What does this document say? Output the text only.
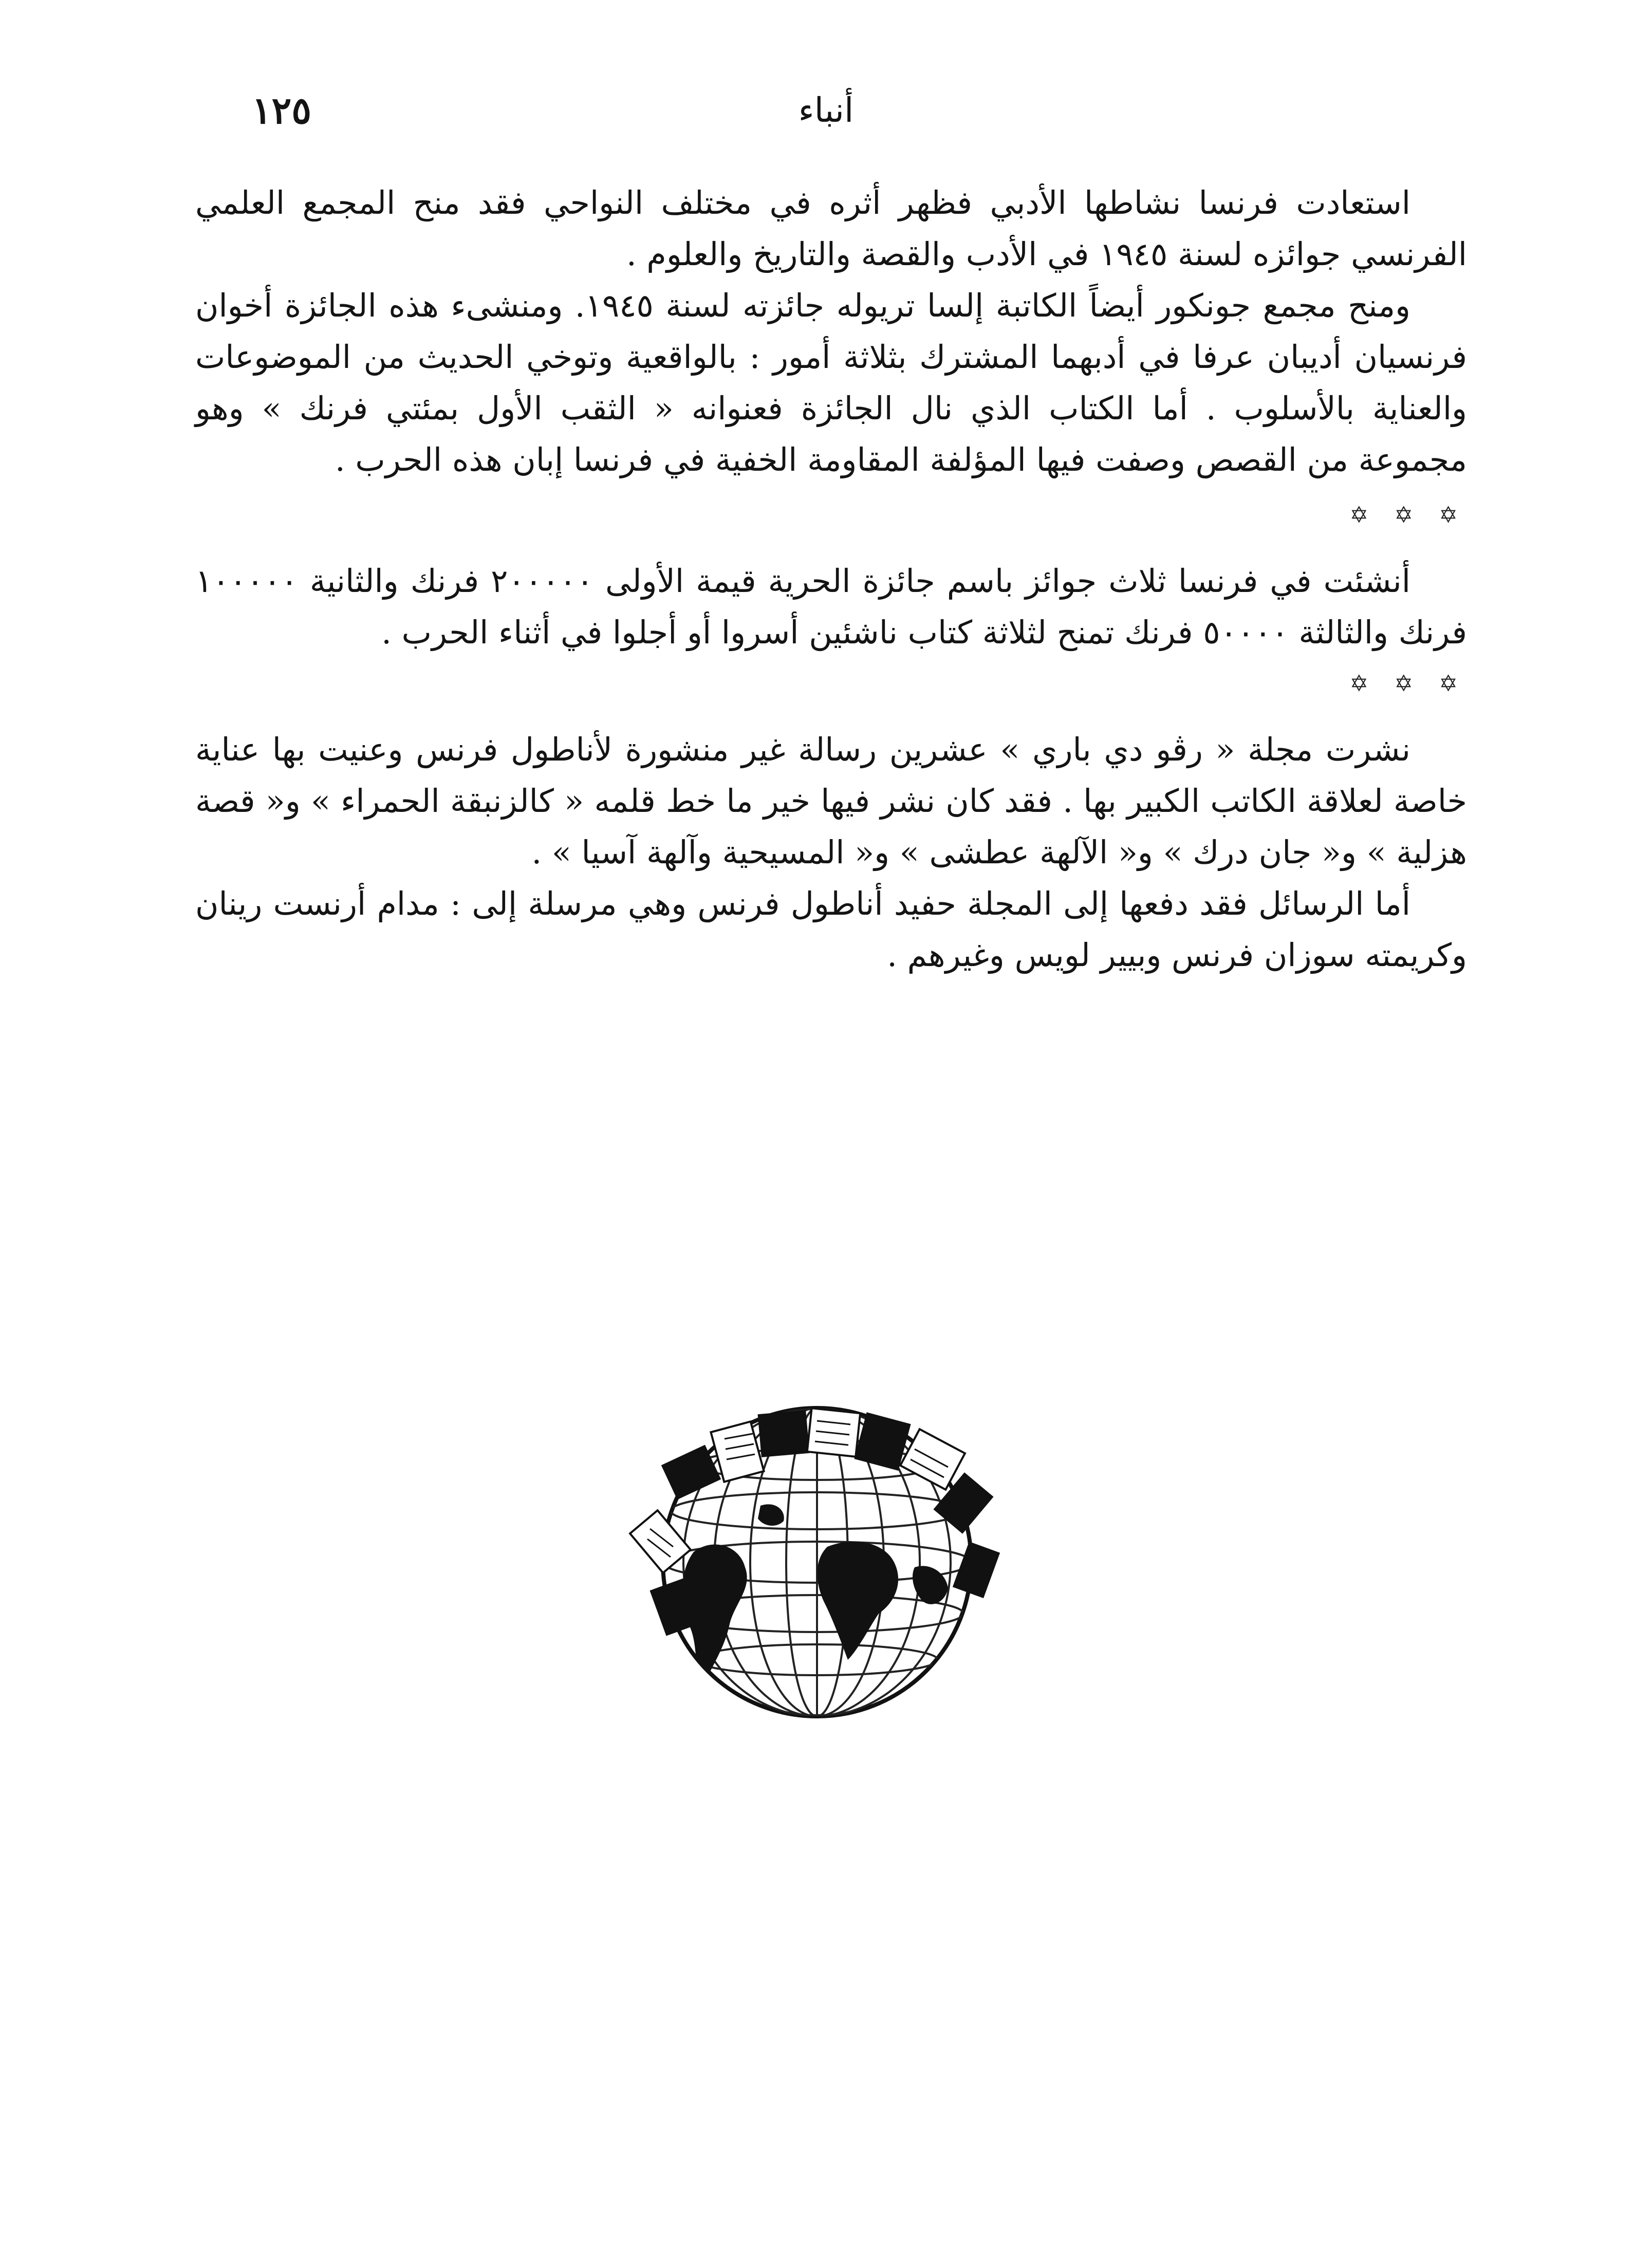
أنباء
١٢٥

استعادت فرنسا نشاطها الأدبي فظهر أثره في مختلف النواحي فقد منح المجمع العلمي الفرنسي جوائزه لسنة ١٩٤٥ في الأدب والقصة والتاريخ والعلوم .

ومنح مجمع جونكور أيضاً الكاتبة إلسا تريوله جائزته لسنة ١٩٤٥. ومنشىء هذه الجائزة أخوان فرنسيان أديبان عرفا في أدبهما المشترك بثلاثة أمور : بالواقعية وتوخي الحديث من الموضوعات والعناية بالأسلوب . أما الكتاب الذي نال الجائزة فعنوانه « الثقب الأول بمئتي فرنك » وهو مجموعة من القصص وصفت فيها المؤلفة المقاومة الخفية في فرنسا إبان هذه الحرب .

✡ ✡ ✡

أنشئت في فرنسا ثلاث جوائز باسم جائزة الحرية قيمة الأولى ٢٠٠٠٠٠ فرنك والثانية ١٠٠٠٠٠ فرنك والثالثة ٥٠٠٠٠ فرنك تمنح لثلاثة كتاب ناشئين أسروا أو أجلوا في أثناء الحرب .

✡ ✡ ✡

نشرت مجلة « رڤو دي باري » عشرين رسالة غير منشورة لأناطول فرنس وعنيت بها عناية خاصة لعلاقة الكاتب الكبير بها . فقد كان نشر فيها خير ما خط قلمه « كالزنبقة الحمراء » و« قصة هزلية » و« جان درك » و« الآلهة عطشى » و« المسيحية وآلهة آسيا » .

أما الرسائل فقد دفعها إلى المجلة حفيد أناطول فرنس وهي مرسلة إلى : مدام أرنست رينان وكريمته سوزان فرنس وبيير لويس وغيرهم .
